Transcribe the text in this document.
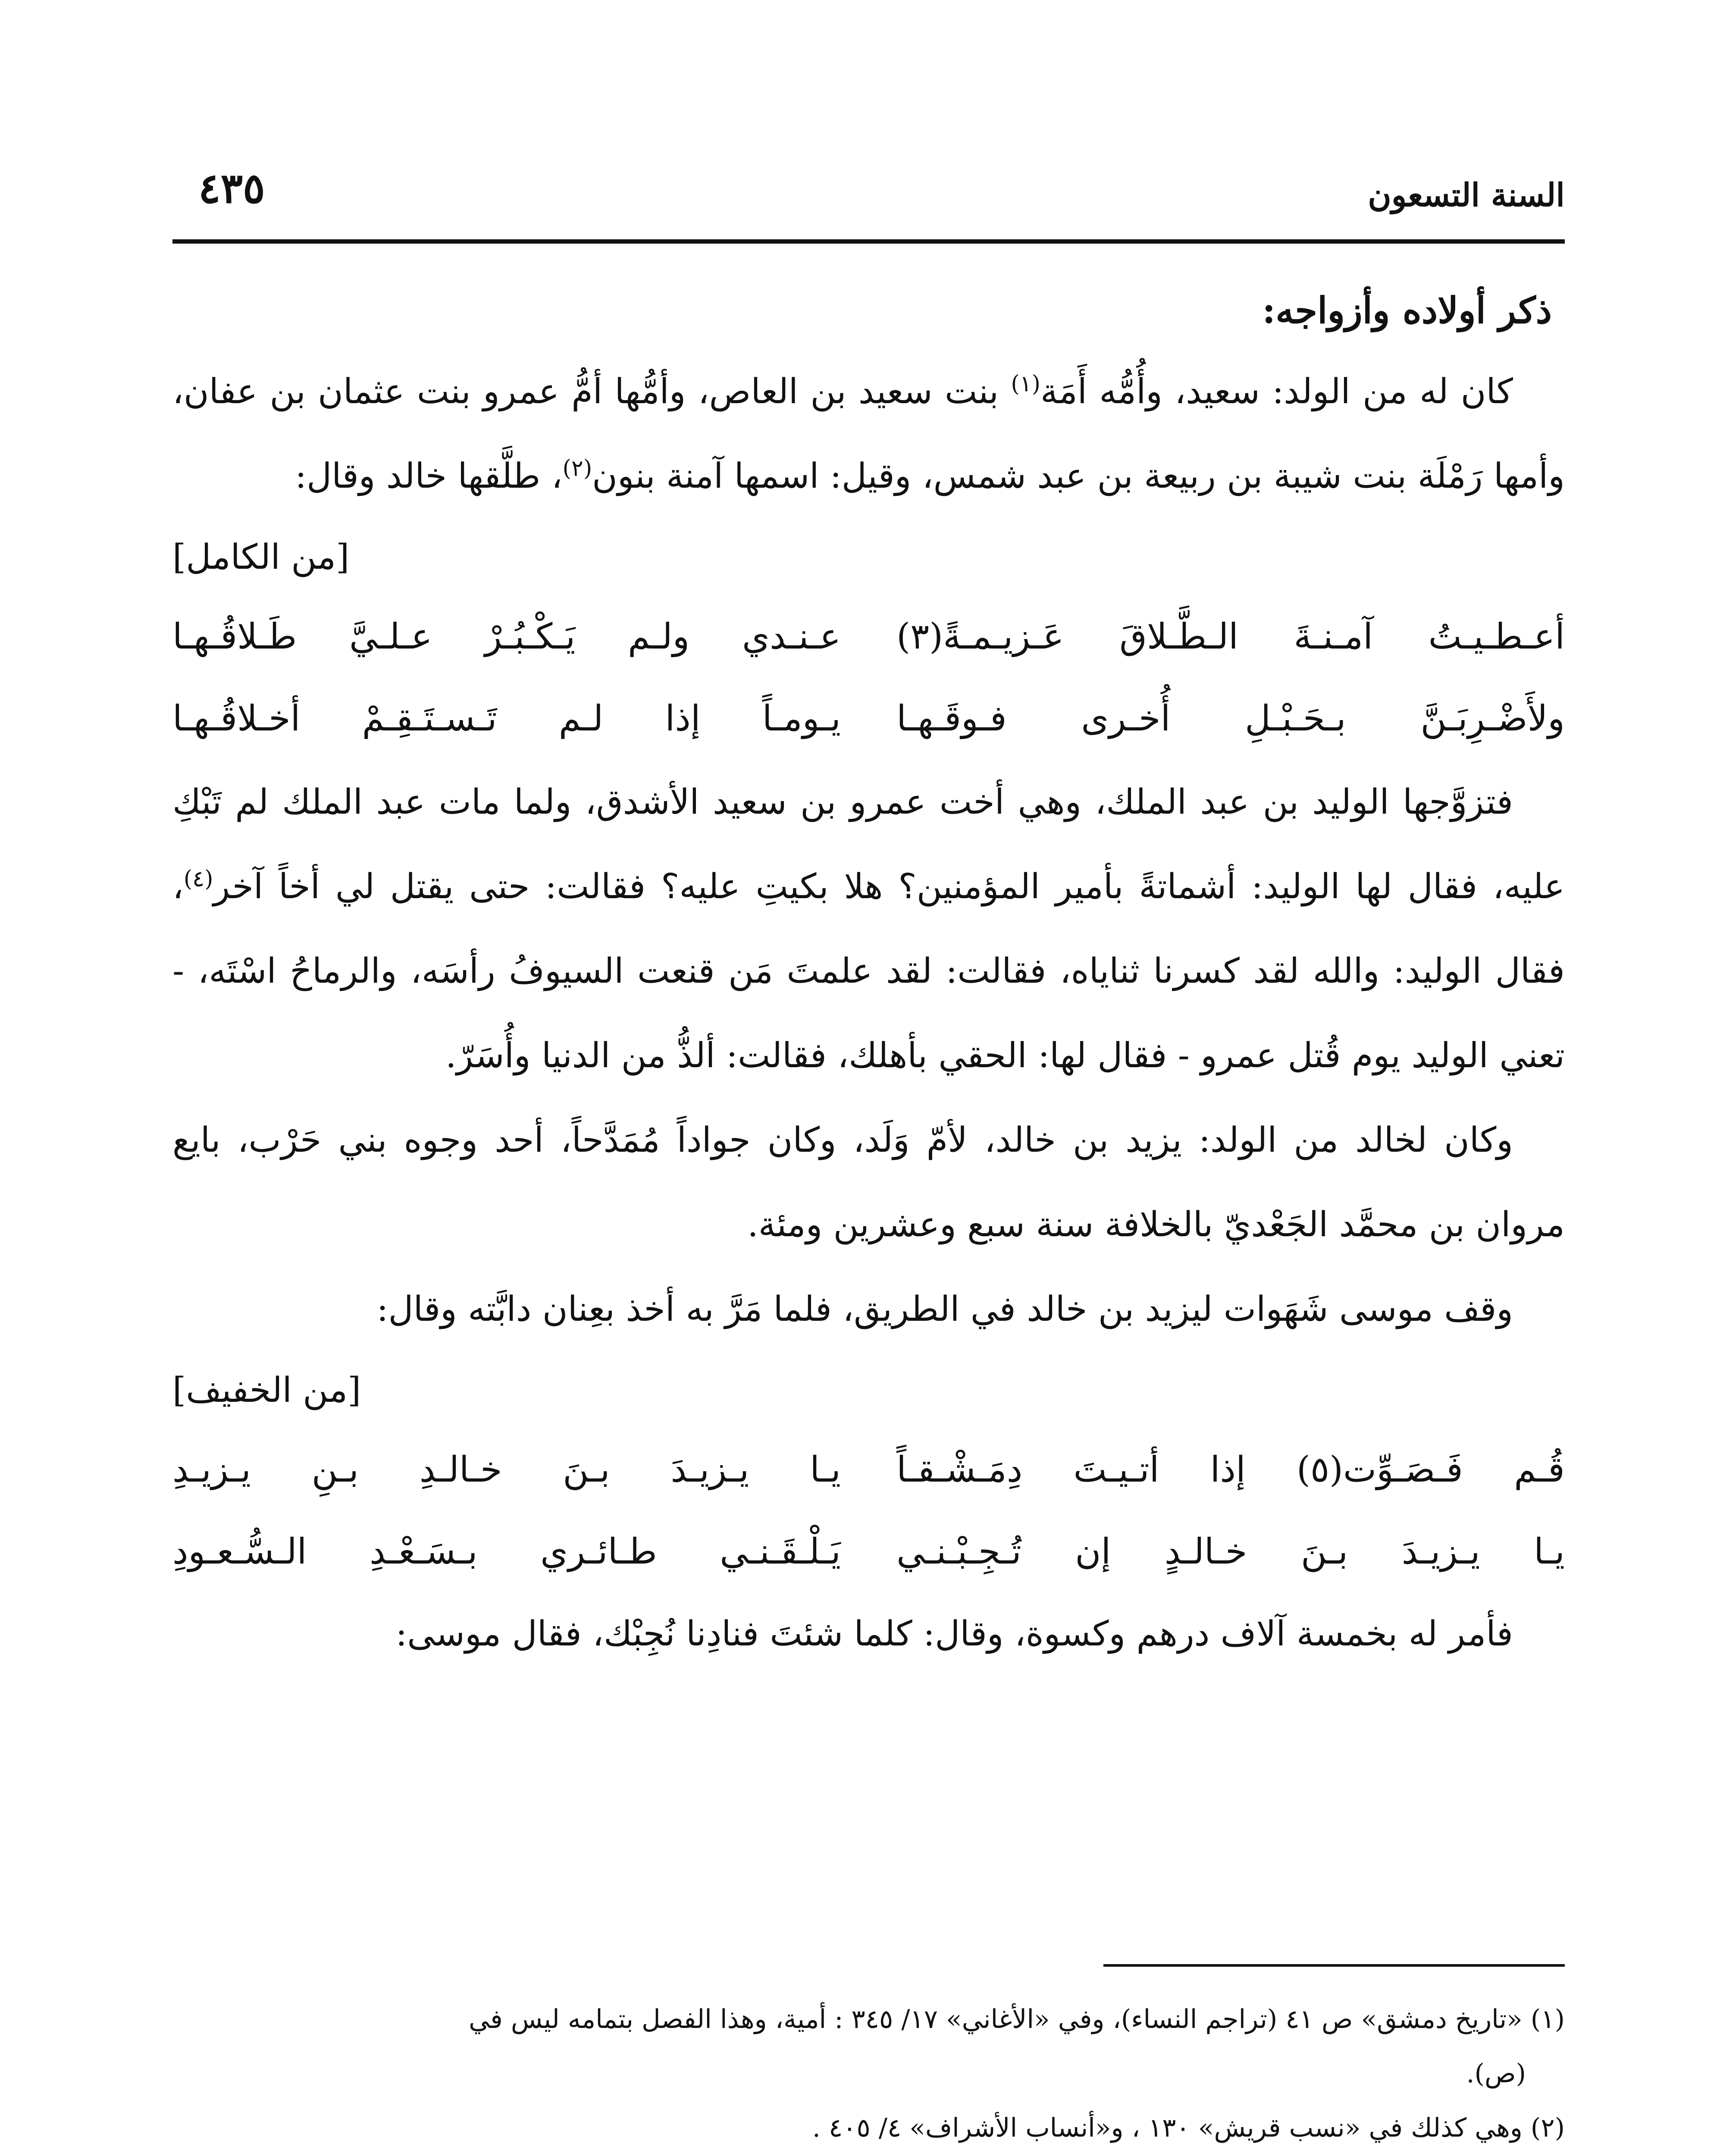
السنة التسعون
٤٣٥
ذكر أولاده وأزواجه:

كان له من الولد: سعيد، وأُمُّه أَمَة$^{(١)}$ بنت سعيد بن العاص، وأمُّها أمُّ عمرو بنت عثمان بن عفان، وأمها رَمْلَة بنت شيبة بن ربيعة بن عبد شمس، وقيل: اسمها آمنة بنون$^{(٢)}$، طلَّقها خالد وقال:

[من الكامل]

أعـطـيـتُ آمـنـةَ الـطَّـلاقَ عَـزيـمـةً(٣)
عـنـدي ولـم يَـكْـبُـرْ عـلـيَّ طَـلاقُـهـا
ولأَضْـرِبَـنَّ بـحَـبْـلِ أُخـرى فـوقَـهـا
يـومـاً إذا لـم تَـسـتَـقِـمْ أخـلاقُـهـا

فتزوَّجها الوليد بن عبد الملك، وهي أخت عمرو بن سعيد الأشدق، ولما مات عبد الملك لم تَبْكِ عليه، فقال لها الوليد: أشماتةً بأمير المؤمنين؟ هلا بكيتِ عليه؟ فقالت: حتى يقتل لي أخاً آخر$^{(٤)}$، فقال الوليد: والله لقد كسرنا ثناياه، فقالت: لقد علمتَ مَن قنعت السيوفُ رأسَه، والرماحُ اسْتَه، - تعني الوليد يوم قُتل عمرو - فقال لها: الحقي بأهلك، فقالت: ألذُّ من الدنيا وأُسَرّ.

وكان لخالد من الولد: يزيد بن خالد، لأمّ وَلَد، وكان جواداً مُمَدَّحاً، أحد وجوه بني حَرْب، بايع مروان بن محمَّد الجَعْديّ بالخلافة سنة سبع وعشرين ومئة.

وقف موسى شَهَوات ليزيد بن خالد في الطريق، فلما مَرَّ به أخذ بعِنان دابَّته وقال:

[من الخفيف]

قُـم فَـصَـوِّت(٥) إذا أتـيـتَ دِمَـشْـقـاً
يـا يـزيـدَ بـنَ خـالـدِ بـنِ يـزيـدِ
يـا يـزيـدَ بـنَ خـالـدٍ إن تُـجِـبْـنـي
يَـلْـقَـنـي طـائـري بـسَـعْـدِ الـسُّـعـودِ

فأمر له بخمسة آلاف درهم وكسوة، وقال: كلما شئتَ فنادِنا نُجِبْك، فقال موسى:

(١) «تاريخ دمشق» ص ٤١ (تراجم النساء)، وفي «الأغاني» ١٧/ ٣٤٥ : أمية، وهذا الفصل بتمامه ليس في

(ص).

(٢) وهي كذلك في «نسب قريش» ١٣٠ ، و«أنساب الأشراف» ٤/ ٤٠٥ .
